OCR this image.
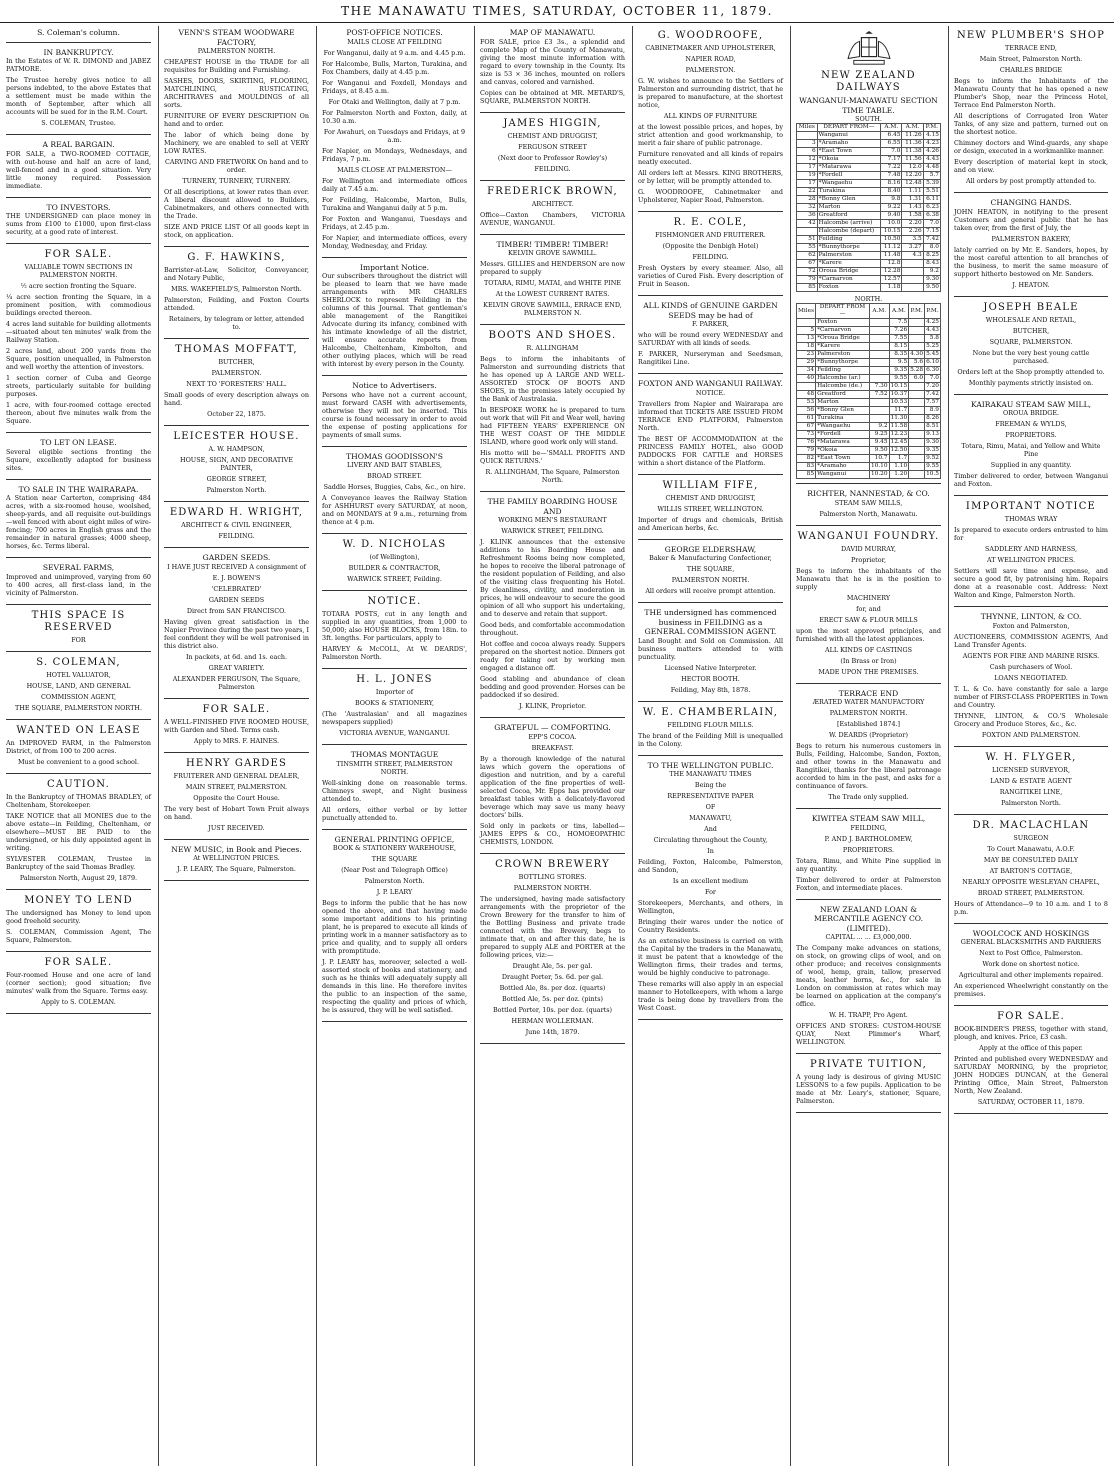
THE MANAWATU TIMES, SATURDAY, OCTOBER 11, 1879.
S. Coleman's column.
IN BANKRUPTCY.

In the Estates of W. R. DIMOND and JABEZ PATMORE.

The Trustee hereby gives notice to all persons indebted, to the above Estates that a settlement must be made within the month of September, after which all accounts will be sued for in the R.M. Court.

S. COLEMAN, Trustee.

A REAL BARGAIN.

FOR SALE, a TWO-ROOMED COTTAGE, with out-house and half an acre of land, well-fenced and in a good situation. Very little money required. Possession immediate.

TO INVESTORS.

THE UNDERSIGNED can place money in sums from £100 to £1000, upon first-class security, at a good rate of interest.

FOR SALE.

VALUABLE TOWN SECTIONS IN PALMERSTON NORTH.

½ acre section fronting the Square.

¼ acre section fronting the Square, in a prominent position, with commodious buildings erected thereon.

4 acres land suitable for building allotments—situated about ten minutes' walk from the Railway Station.

2 acres land, about 200 yards from the Square, position unequalled, in Palmerston and well worthy the attention of investors.

1 section corner of Cuba and George streets, particularly suitable for building purposes.

1 acre, with four-roomed cottage erected thereon, about five minutes walk from the Square.

TO LET ON LEASE.

Several eligible sections fronting the Square, excellently adapted for business sites.

TO SALE IN THE WAIRARAPA.

A Station near Carterton, comprising 484 acres, with a six-roomed house, woolshed, sheep-yards, and all requisite out-buildings—well fenced with about eight miles of wire-fencing; 700 acres in English grass and the remainder in natural grasses; 4000 sheep, horses, &c. Terms liberal.

SEVERAL FARMS,

Improved and unimproved, varying from 60 to 400 acres, all first-class land, in the vicinity of Palmerston.

THIS SPACE IS RESERVED

FOR

S. COLEMAN,

HOTEL VALUATOR,

HOUSE, LAND, AND GENERAL

COMMISSION AGENT,

THE SQUARE, PALMERSTON NORTH.

WANTED ON LEASE

An IMPROVED FARM, in the Palmerston District, of from 100 to 200 acres.

Must be convenient to a good school.

CAUTION.

In the Bankruptcy of THOMAS BRADLEY, of Cheltenham, Storekeeper.

TAKE NOTICE that all MONIES due to the above estate—in Feilding, Cheltenham, or elsewhere—MUST BE PAID to the undersigned, or his duly appointed agent in writing.

SYLVESTER COLEMAN, Trustee in Bankruptcy of the said Thomas Bradley.

Palmerston North, August 29, 1879.

MONEY TO LEND

The undersigned has Money to lend upon good freehold security.

S. COLEMAN, Commission Agent, The Square, Palmerston.

FOR SALE.

Four-roomed House and one acre of land (corner section); good situation; five minutes' walk from the Square. Terms easy.

Apply to S. COLEMAN.

VENN'S STEAM WOODWARE FACTORY,

PALMERSTON NORTH.

CHEAPEST HOUSE in the TRADE for all requisites for Building and Furnishing.

SASHES, DOORS, SKIRTING, FLOORING, MATCHLINING, RUSTICATING, ARCHITRAVES and MOULDINGS of all sorts.

FURNITURE OF EVERY DESCRIPTION On hand and to order.

The labor of which being done by Machinery, we are enabled to sell at VERY LOW RATES.

CARVING AND FRETWORK On hand and to order.

TURNERY, TURNERY, TURNERY.

Of all descriptions, at lower rates than ever. A liberal discount allowed to Builders, Cabinetmakers, and others connected with the Trade.

SIZE AND PRICE LIST Of all goods kept in stock, on application.

G. F. HAWKINS,

Barrister-at-Law, Solicitor, Conveyancer, and Notary Public,

MRS. WAKEFIELD'S, Palmerston North.

Palmerston, Feilding, and Foxton Courts attended.

Retainers, by telegram or letter, attended to.

THOMAS MOFFATT,

BUTCHER,

PALMERSTON.

NEXT TO 'FORESTERS' HALL.

Small goods of every description always on hand.

October 22, 1875.

LEICESTER HOUSE.

A. W. HAMPSON,

HOUSE, SIGN, AND DECORATIVE PAINTER,

GEORGE STREET,

Palmerston North.

EDWARD H. WRIGHT,

ARCHITECT & CIVIL ENGINEER,

FEILDING.

GARDEN SEEDS.

I HAVE JUST RECEIVED A consignment of

E. J. BOWEN'S

'CELEBRATED'

GARDEN SEEDS

Direct from SAN FRANCISCO.

Having given great satisfaction in the Napier Province during the past two years, I feel confident they will be well patronised in this district also.

In packets, at 6d. and 1s. each.

GREAT VARIETY.

ALEXANDER FERGUSON, The Square, Palmerston

FOR SALE.

A WELL-FINISHED FIVE ROOMED HOUSE, with Garden and Shed. Terms cash.

Apply to MRS. F. HAINES.

HENRY GARDES

FRUITERER AND GENERAL DEALER,

MAIN STREET, PALMERSTON.

Opposite the Court House.

The very best of Hobart Town Fruit always on hand.

JUST RECEIVED.

NEW MUSIC, in Book and Pieces.

At WELLINGTON PRICES.

J. P. LEARY, The Square, Palmerston.

POST-OFFICE NOTICES.

MAILS CLOSE AT FEILDING

For Wanganui, daily at 9 a.m. and 4.45 p.m.

For Halcombe, Bulls, Marton, Turakina, and Fox Chambers, daily at 4.45 p.m.

For Wanganui and Foxdell, Mondays and Fridays, at 8.45 a.m.

For Otaki and Wellington, daily at 7 p.m.

For Palmerston North and Foxton, daily, at 10.30 a.m.

For Awahuri, on Tuesdays and Fridays, at 9 a.m.

For Napier, on Mondays, Wednesdays, and Fridays, 7 p.m.

MAILS CLOSE AT PALMERSTON—

For Wellington and intermediate offices daily at 7.45 a.m.

For Feilding, Halcombe, Marton, Bulls, Turakina and Wanganui daily at 5 p.m.

For Foxton and Wanganui, Tuesdays and Fridays, at 2.45 p.m.

For Napier, and intermediate offices, every Monday, Wednesday, and Friday.

Important Notice.

Our subscribers throughout the district will be pleased to learn that we have made arrangements with MR CHARLES SHERLOCK to represent Feilding in the columns of this Journal. That gentleman's able management of the Rangitikei Advocate during its infancy, combined with his intimate knowledge of all the district, will ensure accurate reports from Halcombe, Cheltenham, Kimbolton, and other outlying places, which will be read with interest by every person in the County.

Notice to Advertisers.

Persons who have not a current account, must forward CASH with advertisements, otherwise they will not be inserted. This course is found necessary in order to avoid the expense of posting applications for payments of small sums.

THOMAS GOODISSON'S

LIVERY AND BAIT STABLES,

BROAD STREET.

Saddle Horses, Buggies, Cabs, &c., on hire.

A Conveyance leaves the Railway Station for ASHHURST every SATURDAY, at noon, and on MONDAYS at 9 a.m., returning from thence at 4 p.m.

W. D. NICHOLAS

(of Wellington),

BUILDER & CONTRACTOR,

WARWICK STREET, Feilding.

NOTICE.

TOTARA POSTS, cut in any length and supplied in any quantities, from 1,000 to 50,000; also HOUSE BLOCKS, from 18in. to 3ft. lengths. For particulars, apply to

HARVEY & McCOLL, At W. DEARDS', Palmerston North.

H. L. JONES

Importer of

BOOKS & STATIONERY,

(The 'Australasian' and all magazines newspapers supplied)

VICTORIA AVENUE, WANGANUI.

THOMAS MONTAGUE

TINSMITH STREET, PALMERSTON NORTH.

Well-sinking done on reasonable terms. Chimneys swept, and Night business attended to.

All orders, either verbal or by letter punctually attended to.

GENERAL PRINTING OFFICE,

BOOK & STATIONERY WAREHOUSE,

THE SQUARE

(Near Post and Telegraph Office)

Palmerston North.

J. P. LEARY

Begs to inform the public that he has now opened the above, and that having made some important additions to his printing plant, he is prepared to execute all kinds of printing work in a manner satisfactory as to price and quality, and to supply all orders with promptitude.

J. P. LEARY has, moreover, selected a well-assorted stock of books and stationery, and such as he thinks will adequately supply all demands in this line. He therefore invites the public to an inspection of the same, respecting the quality and prices of which, he is assured, they will be well satisfied.

MAP OF MANAWATU.

FOR SALE, price £3 3s., a splendid and complete Map of the County of Manawatu, giving the most minute information with regard to every township in the County. Its size is 53 × 36 inches, mounted on rollers and canvas, colored and varnished.

Copies can be obtained at MR. METARD'S, SQUARE, PALMERSTON NORTH.

JAMES HIGGIN,

CHEMIST AND DRUGGIST,

FERGUSON STREET

(Next door to Professor Rowley's)

FEILDING.

FREDERICK BROWN,

ARCHITECT.

Office—Caxton Chambers, VICTORIA AVENUE, WANGANUI.

TIMBER! TIMBER! TIMBER!

KELVIN GROVE SAWMILL.

Messrs. GILLIES and HENDERSON are now prepared to supply

TOTARA, RIMU, MATAI, and WHITE PINE

At the LOWEST CURRENT RATES.

KELVIN GROVE SAWMILL, ERRACE END, PALMERSTON N.

BOOTS AND SHOES.

R. ALLINGHAM

Begs to inform the inhabitants of Palmerston and surrounding districts that he has opened up A LARGE AND WELL-ASSORTED STOCK OF BOOTS AND SHOES, in the premises lately occupied by the Bank of Australasia.

In BESPOKE WORK he is prepared to turn out work that will Fit and Wear well, having had FIFTEEN YEARS' EXPERIENCE ON THE WEST COAST OF THE MIDDLE ISLAND, where good work only will stand.

His motto will be—'SMALL PROFITS AND QUICK RETURNS.'

R. ALLINGHAM, The Square, Palmerston North.

THE FAMILY BOARDING HOUSE AND

WORKING MEN'S RESTAURANT

WARWICK STREET, FEILDING.

J. KLINK announces that the extensive additions to his Boarding House and Refreshment Rooms being now completed, he hopes to receive the liberal patronage of the resident population of Feilding, and also of the visiting class frequenting his Hotel. By cleanliness, civility, and moderation in prices, he will endeavour to secure the good opinion of all who support his undertaking, and to deserve and retain that support.

Good beds, and comfortable accommodation throughout.

Hot coffee and cocoa always ready. Suppers prepared on the shortest notice. Dinners got ready for taking out by working men engaged a distance off.

Good stabling and abundance of clean bedding and good provender. Horses can be paddocked if so desired.

J. KLINK, Proprietor.

GRATEFUL — COMFORTING.

EPP'S COCOA.

BREAKFAST.

By a thorough knowledge of the natural laws which govern the operations of digestion and nutrition, and by a careful application of the fine properties of well-selected Cocoa, Mr. Epps has provided our breakfast tables with a delicately-flavored beverage which may save us many heavy doctors' bills.

Sold only in packets or tins, labelled—JAMES EPPS & CO., HOMOEOPATHIC CHEMISTS, LONDON.

CROWN BREWERY

BOTTLING STORES.

PALMERSTON NORTH.

The undersigned, having made satisfactory arrangements with the proprietor of the Crown Brewery for the transfer to him of the Bottling Business and private trade connected with the Brewery, begs to intimate that, on and after this date, he is prepared to supply ALE and PORTER at the following prices, viz:—

Draught Ale, 5s. per gal.

Draught Porter, 5s. 6d. per gal.

Bottled Ale, 8s. per doz. (quarts)

Bottled Ale, 5s. per doz. (pints)

Bottled Porter, 10s. per doz. (quarts)

HERMAN WOLLERMAN.

June 14th, 1879.

G. WOODROOFE,

CABINETMAKER AND UPHOLSTERER,

NAPIER ROAD,

PALMERSTON.

G. W. wishes to announce to the Settlers of Palmerston and surrounding district, that he is prepared to manufacture, at the shortest notice,

ALL KINDS OF FURNITURE

at the lowest possible prices, and hopes, by strict attention and good workmanship, to merit a fair share of public patronage.

Furniture renovated and all kinds of repairs neatly executed.

All orders left at Messrs. KING BROTHERS, or by letter, will be promptly attended to.

G. WOODROOFE, Cabinetmaker and Upholsterer, Napier Road, Palmerston.

R. E. COLE,

FISHMONGER AND FRUITERER.

(Opposite the Denbigh Hotel)

FEILDING.

Fresh Oysters by every steamer. Also, all varieties of Cured Fish. Every description of Fruit in Season.

ALL KINDS of GENUINE GARDEN SEEDS may be had of

F. PARKER,

who will be round every WEDNESDAY and SATURDAY with all kinds of seeds.

F. PARKER, Nurseryman and Seedsman, Rangitikei Line.

FOXTON AND WANGANUI RAILWAY.

NOTICE.

Travellers from Napier and Wairarapa are informed that TICKETS ARE ISSUED FROM TERRACE END PLATFORM, Palmerston North.

The BEST OF ACCOMMODATION at the PRINCESS FAMILY HOTEL, also GOOD PADDOCKS FOR CATTLE and HORSES within a short distance of the Platform.

WILLIAM FIFE,

CHEMIST AND DRUGGIST,

WILLIS STREET, WELLINGTON.

Importer of drugs and chemicals, British and American herbs, &c.

GEORGE ELDERSHAW,

Baker & Manufacturing Confectioner,

THE SQUARE,

PALMERSTON NORTH.

All orders will receive prompt attention.

THE undersigned has commenced business in FEILDING as a GENERAL COMMISSION AGENT.

Land Bought and Sold on Commission. All business matters attended to with punctuality.

Licensed Native Interpreter.

HECTOR BOOTH.

Feilding, May 8th, 1878.

W. E. CHAMBERLAIN,

FEILDING FLOUR MILLS.

The brand of the Feilding Mill is unequalled in the Colony.

TO THE WELLINGTON PUBLIC.

THE MANAWATU TIMES

Being the

REPRESENTATIVE PAPER

OF

MANAWATU,

And

Circulating throughout the County,

In

Feilding, Foxton, Halcombe, Palmerston, and Sandon,

Is an excellent medium

For

Storekeepers, Merchants, and others, in Wellington,

Bringing their wares under the notice of Country Residents.

As an extensive business is carried on with the Capital by the traders in the Manawatu, it must be patent that a knowledge of the Wellington firms, their trades and terms, would be highly conducive to patronage.

These remarks will also apply in an especial manner to Hotelkeepers, with whom a large trade is being done by travellers from the West Coast.

NEW ZEALAND DAILWAYS
WANGANUI-MANAWATU SECTION
TIME TABLE.
SOUTH.
Miles	DEPART FROM—	A.M.	A.M.	P.M.
	Wanganui	6.45	11.26	4.15
3	*Aramaho	6.55	11.36	4.23
6	*East Town	7.0	11.38	4.26
12	*Okoia	7.17	11.56	4.43
17	*Matarawa	7.22	12.0	4.48
19	*Fordell	7.48	12.20	5.7
17	*Wangaehu	8.16	12.48	5.39
22	Turakina	8.40	1.11	5.51
28	*Bonny Glen	9.8	1.31	6.11
32	Marton	9.22	1.43	6.23
36	Greatford	9.40	1.58	6.38
42	Halcombe (arrive)	10.0	2.20	7.0
	Halcombe (depart)	10.15	2.26	7.15
51	Feilding	10.50	3.5	7.42
55	*Bunnythorpe	11.12	3.27	8.0
62	Palmerston	11.48	4.3	8.25
67	*Karere	12.8		8.43
72	Oroua Bridge	12.28		9.2
79	*Carnarvon	12.57		9.30
85	Foxton	1.18		9.50
NORTH.
Miles	DEPART FROM—	A.M.	A.M.	P.M.	P.M.
	Foxton		7.5		4.25
5	*Carnarvon		7.26		4.43
13	*Oroua Bridge		7.55		5.8
18	*Karere		8.15		5.25
23	Palmerston		8.35	4.30	5.45
29	*Bunnythorpe		9.5	5.6	6.10
34	Feilding		9.35	5.28	6.30
40	Halcombe (ar.)		9.55	6.0	7.0
	Halcombe (de.)	7.30	10.15		7.20
48	Greatford	7.52	10.37		7.42
53	Marton		10.53		7.57
56	*Bonny Glen		11.7		8.9
61	Turakina		11.30		8.26
67	*Wangaehu	9.2	11.58		8.51
73	*Fordell	9.25	12.23		9.13
76	*Matarawa	9.45	12.45		9.30
79	*Okoia	9.50	12.50		9.35
82	*East Town	10.7	1.7		9.52
83	*Aramaho	10.10	1.10		9.55
85	Wanganui	10.20	1.20		10.5
RICHTER, NANNESTAD, & CO.

STEAM SAW MILLS,

Palmerston North, Manawatu.

WANGANUI FOUNDRY.

DAVID MURRAY,

Proprietor,

Begs to inform the inhabitants of the Manawatu that he is in the position to supply

MACHINERY

for, and

ERECT SAW & FLOUR MILLS

upon the most approved principles, and furnished with all the latest appliances.

ALL KINDS OF CASTINGS

(In Brass or Iron)

MADE UPON THE PREMISES.

TERRACE END

ÆRATED WATER MANUFACTORY

PALMERSTON NORTH.

[Established 1874.]

W. DEARDS (Proprietor)

Begs to return his numerous customers in Bulls, Feilding, Halcombe, Sandon, Foxton, and other towns in the Manawatu and Rangitikei, thanks for the liberal patronage accorded to him in the past, and asks for a continuance of favors.

The Trade only supplied.

KIWITEA STEAM SAW MILL,

FEILDING,

P. AND J. BARTHOLOMEW,

PROPRIETORS.

Totara, Rimu, and White Pine supplied in any quantity.

Timber delivered to order at Palmerston Foxton, and intermediate places.

NEW ZEALAND LOAN & MERCANTILE AGENCY CO. (LIMITED).

CAPITAL ... ... £3,000,000.

The Company make advances on stations, on stock, on growing clips of wool, and on other produce; and receives consignments of wool, hemp, grain, tallow, preserved meats, leather horns, &c., for sale in London on commission at rates which may be learned on application at the company's office.

W. H. TRAPP, Pro Agent.

OFFICES AND STORES: CUSTOM-HOUSE QUAY, Next Plimmer's Wharf, WELLINGTON.

PRIVATE TUITION,

A young lady is desirous of giving MUSIC LESSONS to a few pupils. Application to be made at Mr. Leary's, stationer, Square, Palmerston.

NEW PLUMBER'S SHOP

TERRACE END,

Main Street, Palmerston North.

CHARLES BRIDGE

Begs to inform the Inhabitants of the Manawatu County that he has opened a new Plumber's Shop, near the Princess Hotel, Terrace End Palmerston North.

All descriptions of Corrugated Iron Water Tanks, of any size and pattern, turned out on the shortest notice.

Chimney doctors and Wind-guards, any shape or design, executed in a workmanlike manner.

Every description of material kept in stock, and on view.

All orders by post promptly attended to.

CHANGING HANDS.

JOHN HEATON, in notifying to the present Customers and general public that he has taken over, from the first of July, the

PALMERSTON BAKERY,

lately carried on by Mr. E. Sanders, hopes, by the most careful attention to all branches of the business, to merit the same measure of support hitherto bestowed on Mr. Sanders.

J. HEATON.

JOSEPH BEALE

WHOLESALE AND RETAIL,

BUTCHER,

SQUARE, PALMERSTON.

None but the very best young cattle purchased.

Orders left at the Shop promptly attended to.

Monthly payments strictly insisted on.

KAIRAKAU STEAM SAW MILL,

OROUA BRIDGE.

FREEMAN & WYLDS,

PROPRIETORS.

Totara, Rimu, Matai, and Yellow and White Pine

Supplied in any quantity.

Timber delivered to order, between Wanganui and Foxton.

IMPORTANT NOTICE

THOMAS WRAY

Is prepared to execute orders entrusted to him for

SADDLERY AND HARNESS,

AT WELLINGTON PRICES.

Settlers will save time and expense, and secure a good fit, by patronising him. Repairs done at a reasonable cost. Address: Next Walton and Kinge, Palmerston North.

THYNNE, LINTON, & CO.

Foxton and Palmerston,

AUCTIONEERS, COMMISSION AGENTS, And Land Transfer Agents.

AGENTS FOR FIRE AND MARINE RISKS.

Cash purchasers of Wool.

LOANS NEGOTIATED.

T. L. & Co. have constantly for sale a large number of FIRST-CLASS PROPERTIES in Town and Country.

THYNNE, LINTON, & CO.'S Wholesale Grocery and Produce Stores, &c., &c.

FOXTON AND PALMERSTON.

W. H. FLYGER,

LICENSED SURVEYOR,

LAND & ESTATE AGENT

RANGITIKEI LINE,

Palmerston North.

DR. MACLACHLAN

SURGEON

To Court Manawatu, A.O.F.

MAY BE CONSULTED DAILY

AT BARTON'S COTTAGE,

NEARLY OPPOSITE WESLEYAN CHAPEL,

BROAD STREET, PALMERSTON.

Hours of Attendance—9 to 10 a.m. and 1 to 8 p.m.

WOOLCOCK AND HOSKINGS

GENERAL BLACKSMITHS AND FARRIERS

Next to Post Office, Palmerston.

Work done on shortest notice.

Agricultural and other implements repaired.

An experienced Wheelwright constantly on the premises.

FOR SALE.

BOOK-BINDER'S PRESS, together with stand, plough, and knives. Price, £3 cash.

Apply at the office of this paper.

Printed and published every WEDNESDAY and SATURDAY MORNING, by the proprietor, JOHN HODGES DUNCAN, at the General Printing Office, Main Street, Palmerston North, New Zealand.

SATURDAY, OCTOBER 11, 1879.
